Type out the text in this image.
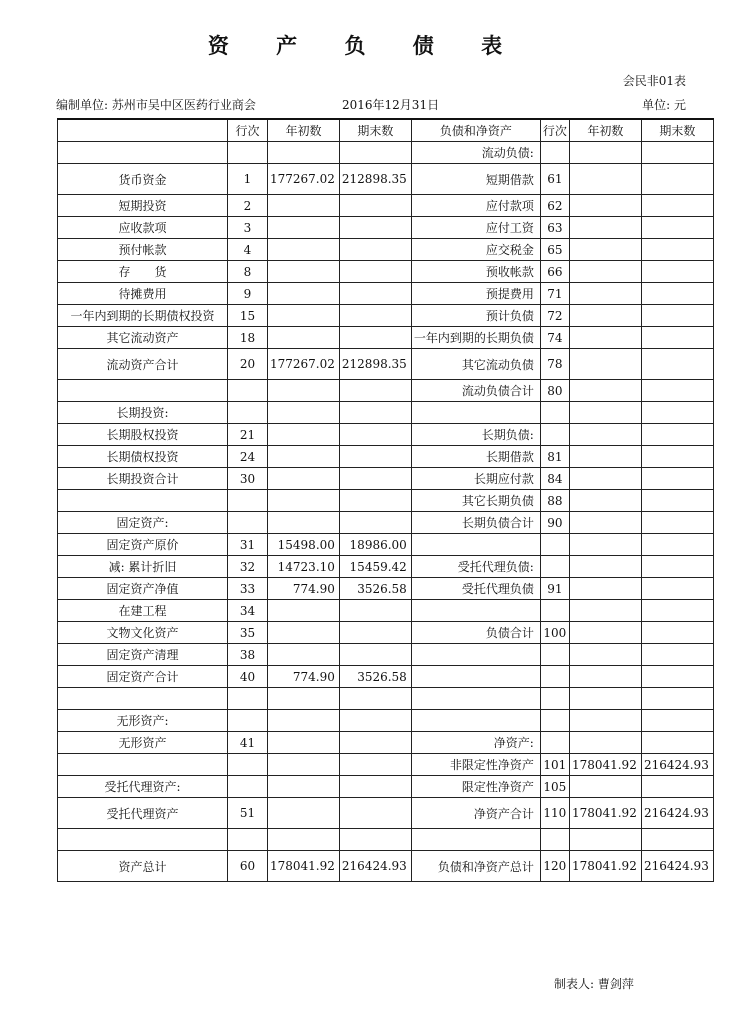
资 产 负 债 表
会民非01表
编制单位: 苏州市吴中区医药行业商会	2016年12月31日	单位: 元
	行次	年初数	期末数	负债和净资产	行次	年初数	期末数
				流动负债:			
货币资金	1	177267.02	212898.35	短期借款	61		
短期投资	2			应付款项	62		
应收款项	3			应付工资	63		
预付帐款	4			应交税金	65		
存　　货	8			预收帐款	66		
待摊费用	9			预提费用	71		
一年内到期的长期债权投资	15			预计负债	72		
其它流动资产	18			一年内到期的长期负债	74		
流动资产合计	20	177267.02	212898.35	其它流动负债	78		
				流动负债合计	80		
长期投资:							
长期股权投资	21			长期负债:			
长期债权投资	24			长期借款	81		
长期投资合计	30			长期应付款	84		
				其它长期负债	88		
固定资产:				长期负债合计	90		
固定资产原价	31	15498.00	18986.00				
减: 累计折旧	32	14723.10	15459.42	受托代理负债:			
固定资产净值	33	774.90	3526.58	受托代理负债	91		
在建工程	34						
文物文化资产	35			负债合计	100		
固定资产清理	38						
固定资产合计	40	774.90	3526.58				

无形资产:							
无形资产	41			净资产:			
				非限定性净资产	101	178041.92	216424.93
受托代理资产:				限定性净资产	105		
受托代理资产	51			净资产合计	110	178041.92	216424.93

资产总计	60	178041.92	216424.93	负债和净资产总计	120	178041.92	216424.93
制表人: 曹剑萍
